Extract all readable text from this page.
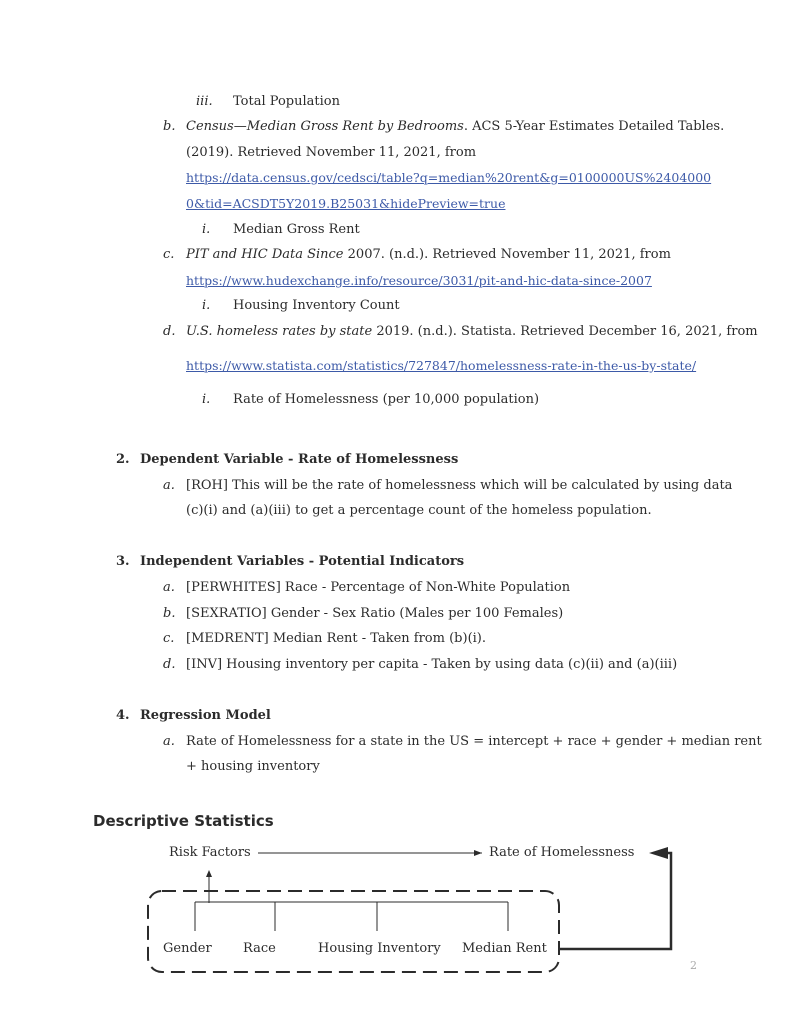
iii. Total Population
b. Census—Median Gross Rent by Bedrooms. ACS 5-Year Estimates Detailed Tables.
(2019). Retrieved November 11, 2021, from
https://data.census.gov/cedsci/table?q=median%20rent&g=0100000US%2404000
0&tid=ACSDT5Y2019.B25031&hidePreview=true
i. Median Gross Rent
c. PIT and HIC Data Since 2007. (n.d.). Retrieved November 11, 2021, from
https://www.hudexchange.info/resource/3031/pit-and-hic-data-since-2007
i. Housing Inventory Count
d. U.S. homeless rates by state 2019. (n.d.). Statista. Retrieved December 16, 2021, from
https://www.statista.com/statistics/727847/homelessness-rate-in-the-us-by-state/
i. Rate of Homelessness (per 10,000 population)
2. Dependent Variable - Rate of Homelessness
a. [ROH] This will be the rate of homelessness which will be calculated by using data
(c)(i) and (a)(iii) to get a percentage count of the homeless population.
3. Independent Variables - Potential Indicators
a. [PERWHITES] Race - Percentage of Non-White Population
b. [SEXRATIO] Gender - Sex Ratio (Males per 100 Females)
c. [MEDRENT] Median Rent - Taken from (b)(i).
d. [INV] Housing inventory per capita - Taken by using data (c)(ii) and (a)(iii)
4. Regression Model
a. Rate of Homelessness for a state in the US = intercept + race + gender + median rent
+ housing inventory
Descriptive Statistics
Risk Factors	Rate of Homelessness
Gender Race	Housing Inventory Median Rent
2
